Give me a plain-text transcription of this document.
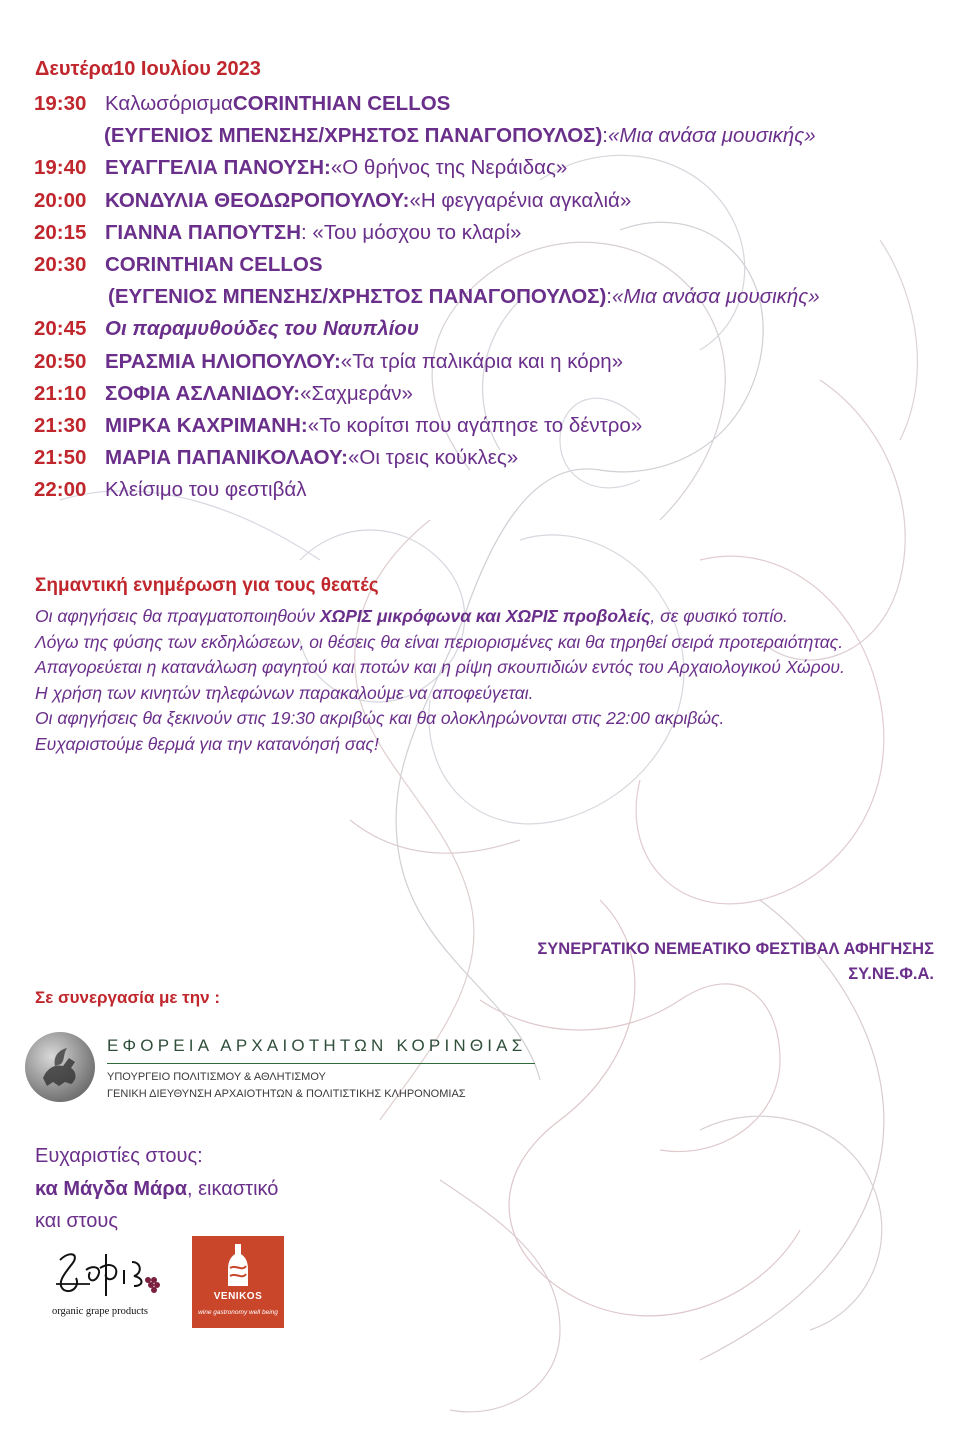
Δευτέρα10 Ιουλίου 2023
19:30 Καλωσόρισμα CORINTHIAN CELLOS
(ΕΥΓΕΝΙΟΣ ΜΠΕΝΣΗΣ/ΧΡΗΣΤΟΣ ΠΑΝΑΓΟΠΟΥΛΟΣ) : «Μια ανάσα μουσικής»
19:40 ΕΥΑΓΓΕΛΙΑ ΠΑΝΟΥΣΗ: «Ο θρήνος της Νεράιδας»
20:00 ΚΟΝΔΥΛΙΑ ΘΕΟΔΩΡΟΠΟΥΛΟΥ: «Η φεγγαρένια αγκαλιά»
20:15 ΓΙΑΝΝΑ ΠΑΠΟΥΤΣΗ : «Του μόσχου το κλαρί»
20:30 CORINTHIAN CELLOS
(ΕΥΓΕΝΙΟΣ ΜΠΕΝΣΗΣ/ΧΡΗΣΤΟΣ ΠΑΝΑΓΟΠΟΥΛΟΣ) : «Μια ανάσα μουσικής»
20:45 Οι παραμυθούδες του Ναυπλίου
20:50 ΕΡΑΣΜΙΑ ΗΛΙΟΠΟΥΛΟΥ: «Τα τρία παλικάρια και η κόρη»
21:10 ΣΟΦΙΑ ΑΣΛΑΝΙΔΟΥ: «Σαχμεράν»
21:30 ΜΙΡΚΑ ΚΑΧΡΙΜΑΝΗ: «Το κορίτσι που αγάπησε το δέντρο»
21:50 ΜΑΡΙΑ ΠΑΠΑΝΙΚΟΛΑΟΥ: «Οι τρεις κούκλες»
22:00 Κλείσιμο του φεστιβάλ
Σημαντική ενημέρωση για τους θεατές

Οι αφηγήσεις θα πραγματοποιηθούν ΧΩΡΙΣ μικρόφωνα και ΧΩΡΙΣ προβολείς, σε φυσικό τοπίο.

Λόγω της φύσης των εκδηλώσεων, οι θέσεις θα είναι περιορισμένες και θα τηρηθεί σειρά προτεραιότητας.

Απαγορεύεται η κατανάλωση φαγητού και ποτών και η ρίψη σκουπιδιών εντός του Αρχαιολογικού Χώρου.

Η χρήση των κινητών τηλεφώνων παρακαλούμε να αποφεύγεται.

Οι αφηγήσεις θα ξεκινούν στις 19:30 ακριβώς και θα ολοκληρώνονται στις 22:00 ακριβώς.

Ευχαριστούμε θερμά για την κατανόησή σας!

ΣΥΝΕΡΓΑΤΙΚΟ ΝΕΜΕΑΤΙΚΟ ΦΕΣΤΙΒΑΛ ΑΦΗΓΗΣΗΣ
ΣΥ.ΝΕ.Φ.Α.
Σε συνεργασία με την :
ΕΦΟΡΕΙΑ ΑΡΧΑΙΟΤΗΤΩΝ ΚΟΡΙΝΘΙΑΣ
ΥΠΟΥΡΓΕΙΟ ΠΟΛΙΤΙΣΜΟΥ & ΑΘΛΗΤΙΣΜΟΥ
ΓΕΝΙΚΗ ΔΙΕΥΘΥΝΣΗ ΑΡΧΑΙΟΤΗΤΩΝ & ΠΟΛΙΤΙΣΤΙΚΗΣ ΚΛΗΡΟΝΟΜΙΑΣ
Ευχαριστίες στους:
κα Μάγδα Μάρα, εικαστικό
και στους
organic grape products
VENIKOS
wine gastronomy well being
